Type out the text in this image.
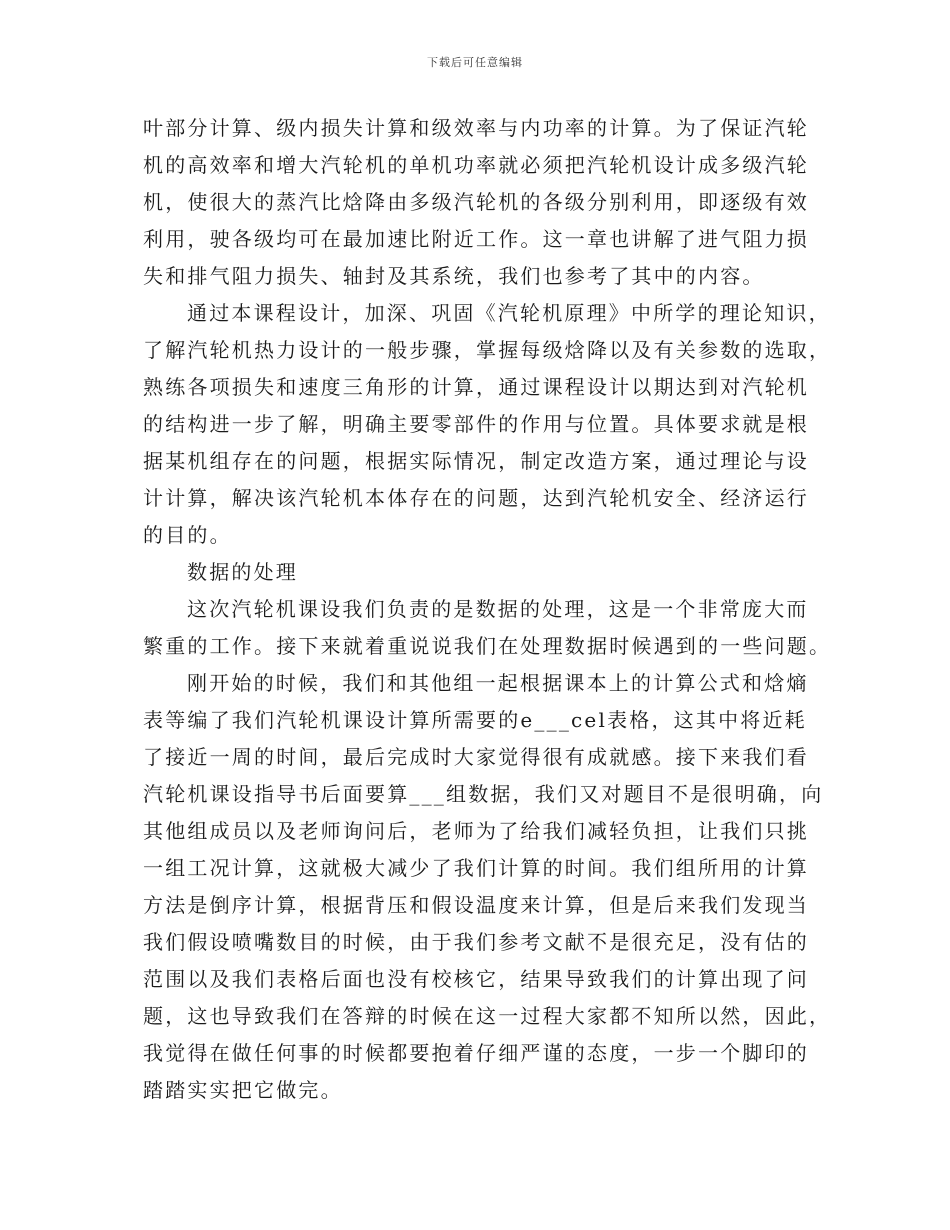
下载后可任意编辑
叶部分计算、级内损失计算和级效率与内功率的计算。为了保证汽轮
机的高效率和增大汽轮机的单机功率就必须把汽轮机设计成多级汽轮
机，使很大的蒸汽比焓降由多级汽轮机的各级分别利用，即逐级有效
利用，驶各级均可在最加速比附近工作。这一章也讲解了进气阻力损
失和排气阻力损失、轴封及其系统，我们也参考了其中的内容。
通过本课程设计，加深、巩固《汽轮机原理》中所学的理论知识，
了解汽轮机热力设计的一般步骤，掌握每级焓降以及有关参数的选取，
熟练各项损失和速度三角形的计算，通过课程设计以期达到对汽轮机
的结构进一步了解，明确主要零部件的作用与位置。具体要求就是根
据某机组存在的问题，根据实际情况，制定改造方案，通过理论与设
计计算，解决该汽轮机本体存在的问题，达到汽轮机安全、经济运行
的目的。
数据的处理
这次汽轮机课设我们负责的是数据的处理，这是一个非常庞大而
繁重的工作。接下来就着重说说我们在处理数据时候遇到的一些问题。
刚开始的时候，我们和其他组一起根据课本上的计算公式和焓熵
表等编了我们汽轮机课设计算所需要的e___cel表格，这其中将近耗
了接近一周的时间，最后完成时大家觉得很有成就感。接下来我们看
汽轮机课设指导书后面要算___组数据，我们又对题目不是很明确，向
其他组成员以及老师询问后，老师为了给我们减轻负担，让我们只挑
一组工况计算，这就极大减少了我们计算的时间。我们组所用的计算
方法是倒序计算，根据背压和假设温度来计算，但是后来我们发现当
我们假设喷嘴数目的时候，由于我们参考文献不是很充足，没有估的
范围以及我们表格后面也没有校核它，结果导致我们的计算出现了问
题，这也导致我们在答辩的时候在这一过程大家都不知所以然，因此，
我觉得在做任何事的时候都要抱着仔细严谨的态度，一步一个脚印的
踏踏实实把它做完。
